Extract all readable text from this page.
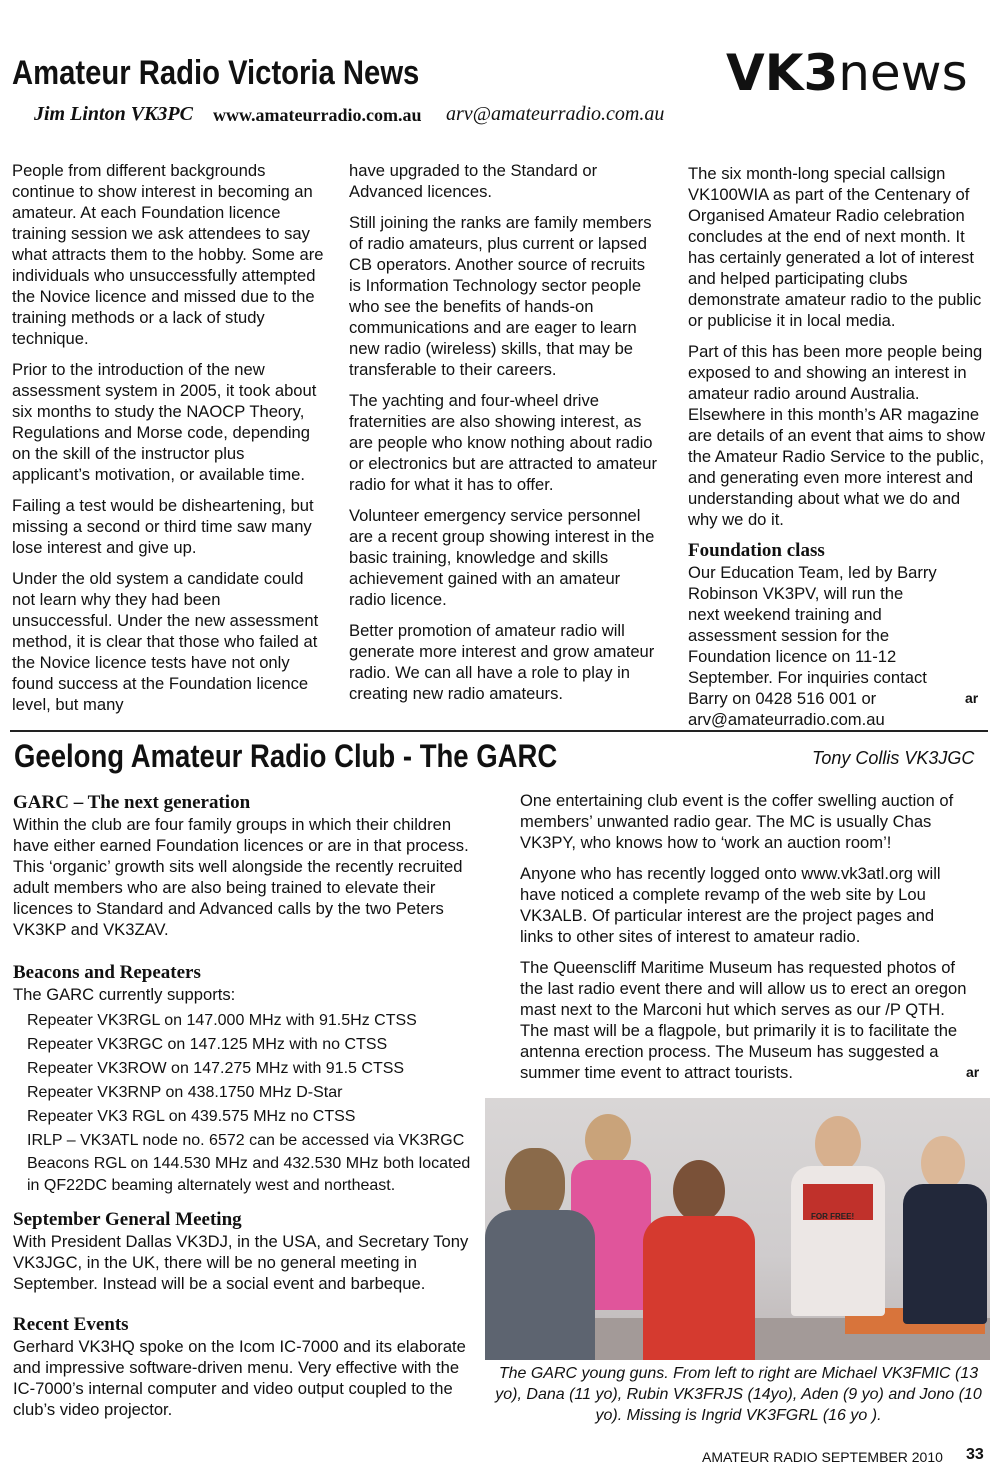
Amateur Radio Victoria News
Jim Linton VK3PC www.amateurradio.com.au arv@amateurradio.com.au
VK3news

People from different backgrounds continue to show interest in becoming an amateur. At each Foundation licence training session we ask attendees to say what attracts them to the hobby. Some are individuals who unsuccessfully attempted the Novice licence and missed due to the training methods or a lack of study technique.

Prior to the introduction of the new assessment system in 2005, it took about six months to study the NAOCP Theory, Regulations and Morse code, depending on the skill of the instructor plus applicant’s motivation, or available time.

Failing a test would be disheartening, but missing a second or third time saw many lose interest and give up.

Under the old system a candidate could not learn why they had been unsuccessful. Under the new assessment method, it is clear that those who failed at the Novice licence tests have not only found success at the Foundation licence level, but many

have upgraded to the Standard or Advanced licences.

Still joining the ranks are family members of radio amateurs, plus current or lapsed CB operators. Another source of recruits is Information Technology sector people who see the benefits of hands-on communications and are eager to learn new radio (wireless) skills, that may be transferable to their careers.

The yachting and four-wheel drive fraternities are also showing interest, as are people who know nothing about radio or electronics but are attracted to amateur radio for what it has to offer.

Volunteer emergency service personnel are a recent group showing interest in the basic training, knowledge and skills achievement gained with an amateur radio licence.

Better promotion of amateur radio will generate more interest and grow amateur radio. We can all have a role to play in creating new radio amateurs.

The six month-long special callsign VK100WIA as part of the Centenary of Organised Amateur Radio celebration concludes at the end of next month. It has certainly generated a lot of interest and helped participating clubs demonstrate amateur radio to the public or publicise it in local media.

Part of this has been more people being exposed to and showing an interest in amateur radio around Australia. Elsewhere in this month’s AR magazine are details of an event that aims to show the Amateur Radio Service to the public, and generating even more interest and understanding about what we do and why we do it.

Foundation class

Our Education Team, led by Barry Robinson VK3PV, will run the next weekend training and assessment session for the Foundation licence on 11-12 September. For inquiries contact Barry on 0428 516 001 or arv@amateurradio.com.au

ar
Geelong Amateur Radio Club - The GARC	Tony Collis VK3JGC
GARC – The next generation

Within the club are four family groups in which their children have either earned Foundation licences or are in that process. This ‘organic’ growth sits well alongside the recently recruited adult members who are also being trained to elevate their licences to Standard and Advanced calls by the two Peters VK3KP and VK3ZAV.

Beacons and Repeaters

The GARC currently supports:

Repeater VK3RGL on 147.000 MHz with 91.5Hz CTSS
Repeater VK3RGC on 147.125 MHz with no CTSS
Repeater VK3ROW on 147.275 MHz with 91.5 CTSS
Repeater VK3RNP on 438.1750 MHz D-Star
Repeater VK3 RGL on 439.575 MHz no CTSS
IRLP – VK3ATL node no. 6572 can be accessed via VK3RGC
Beacons RGL on 144.530 MHz and 432.530 MHz both located in QF22DC beaming alternately west and northeast.
September General Meeting

With President Dallas VK3DJ, in the USA, and Secretary Tony VK3JGC, in the UK, there will be no general meeting in September. Instead will be a social event and barbeque.

Recent Events

Gerhard VK3HQ spoke on the Icom IC-7000 and its elaborate and impressive software-driven menu. Very effective with the IC-7000’s internal computer and video output coupled to the club’s video projector.

One entertaining club event is the coffer swelling auction of members’ unwanted radio gear. The MC is usually Chas VK3PY, who knows how to ‘work an auction room’!

Anyone who has recently logged onto www.vk3atl.org will have noticed a complete revamp of the web site by Lou VK3ALB. Of particular interest are the project pages and links to other sites of interest to amateur radio.

The Queenscliff Maritime Museum has requested photos of the last radio event there and will allow us to erect an oregon mast next to the Marconi hut which serves as our /P QTH. The mast will be a flagpole, but primarily it is to facilitate the antenna erection process. The Museum has suggested a summer time event to attract tourists.	ar
FOR FREE!
The GARC young guns. From left to right are Michael VK3FMIC (13 yo), Dana (11 yo), Rubin VK3FRJS (14yo), Aden (9 yo) and Jono (10 yo). Missing is Ingrid VK3FGRL (16 yo ).
AMATEUR RADIO SEPTEMBER 2010 33
